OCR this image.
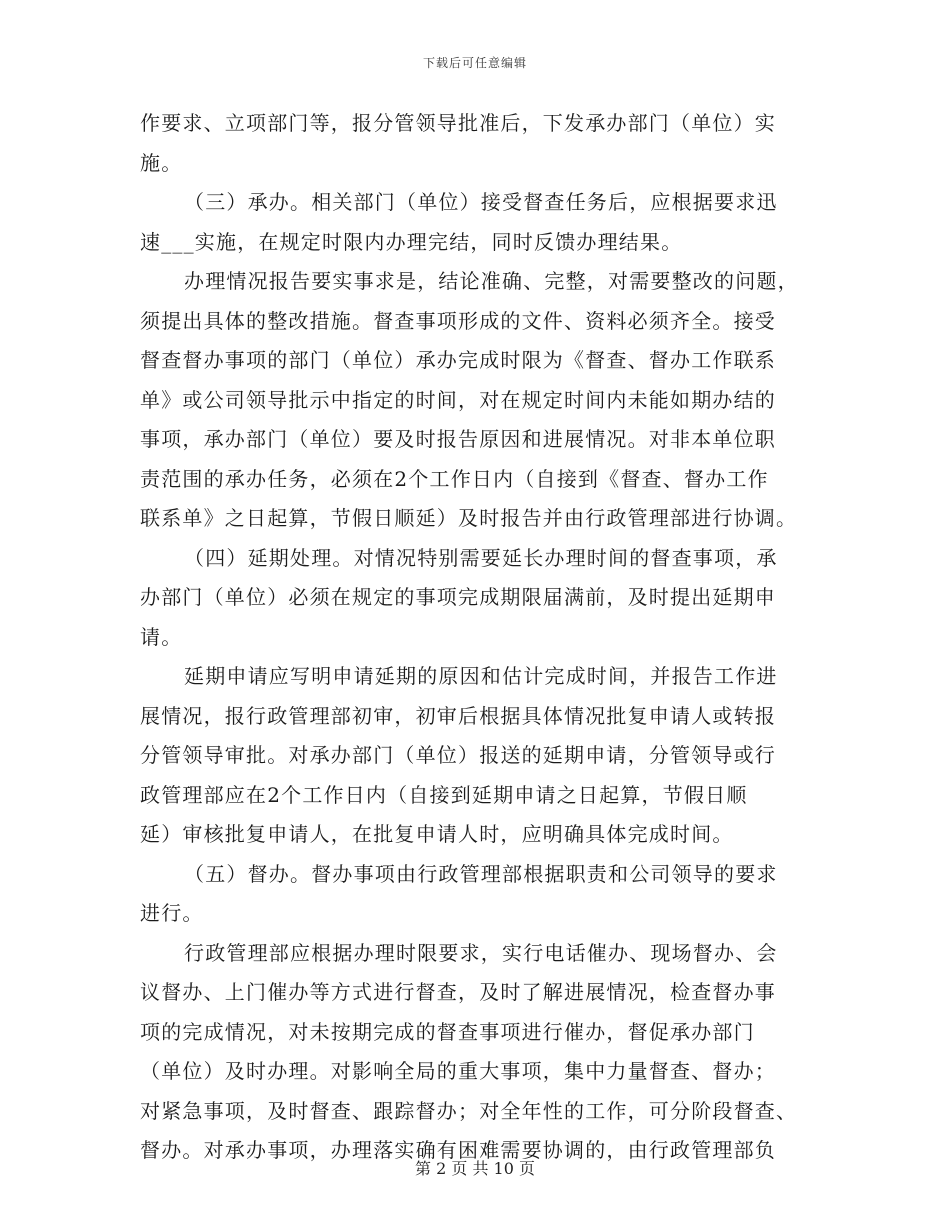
下载后可任意编辑
作要求、立项部门等，报分管领导批准后，下发承办部门（单位）实
施。
（三）承办。相关部门（单位）接受督查任务后，应根据要求迅
速___实施，在规定时限内办理完结，同时反馈办理结果。
办理情况报告要实事求是，结论准确、完整，对需要整改的问题，
须提出具体的整改措施。督查事项形成的文件、资料必须齐全。接受
督查督办事项的部门（单位）承办完成时限为《督查、督办工作联系
单》或公司领导批示中指定的时间，对在规定时间内未能如期办结的
事项，承办部门（单位）要及时报告原因和进展情况。对非本单位职
责范围的承办任务，必须在2个工作日内（自接到《督查、督办工作
联系单》之日起算，节假日顺延）及时报告并由行政管理部进行协调。
（四）延期处理。对情况特别需要延长办理时间的督查事项，承
办部门（单位）必须在规定的事项完成期限届满前，及时提出延期申
请。
延期申请应写明申请延期的原因和估计完成时间，并报告工作进
展情况，报行政管理部初审，初审后根据具体情况批复申请人或转报
分管领导审批。对承办部门（单位）报送的延期申请，分管领导或行
政管理部应在2个工作日内（自接到延期申请之日起算，节假日顺
延）审核批复申请人，在批复申请人时，应明确具体完成时间。
（五）督办。督办事项由行政管理部根据职责和公司领导的要求
进行。
行政管理部应根据办理时限要求，实行电话催办、现场督办、会
议督办、上门催办等方式进行督查，及时了解进展情况，检查督办事
项的完成情况，对未按期完成的督查事项进行催办，督促承办部门
（单位）及时办理。对影响全局的重大事项，集中力量督查、督办；
对紧急事项，及时督查、跟踪督办；对全年性的工作，可分阶段督查、
督办。对承办事项，办理落实确有困难需要协调的，由行政管理部负
第 2 页 共 10 页
